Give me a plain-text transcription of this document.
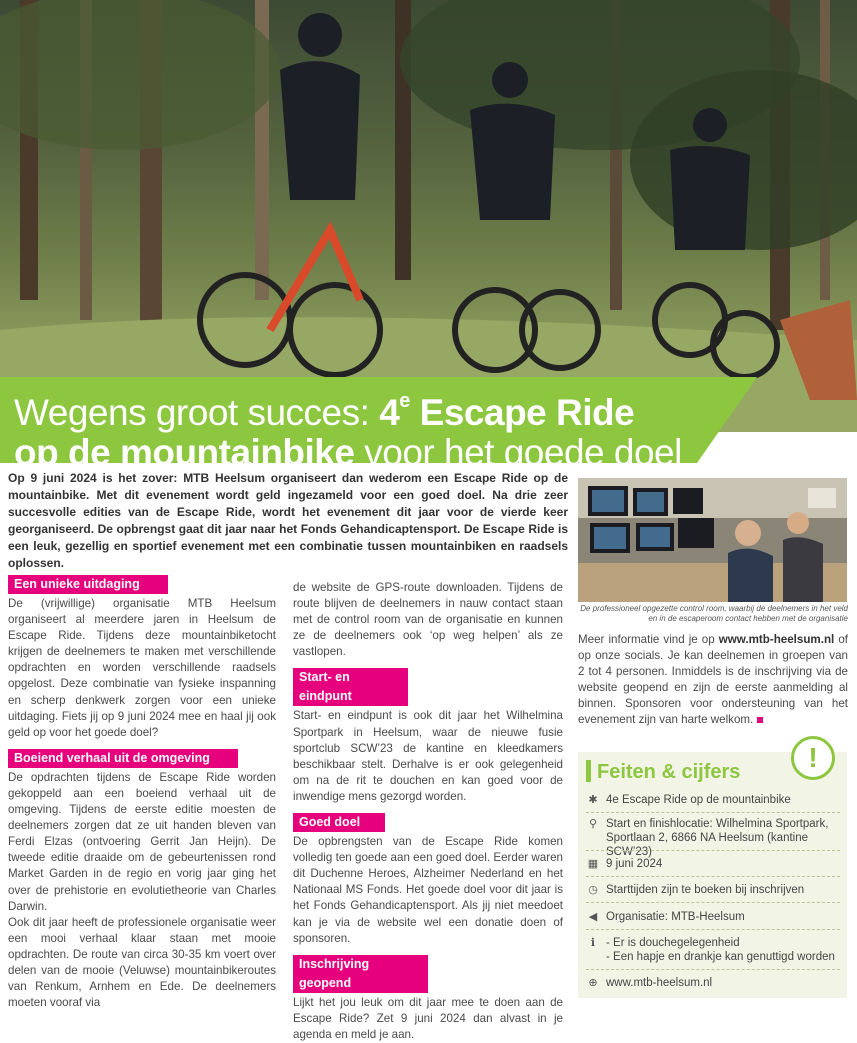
Wegens groot succes: 4e Escape Ride
op de mountainbike voor het goede doel
Op 9 juni 2024 is het zover: MTB Heelsum organiseert dan wederom een Escape Ride op de mountainbike. Met dit evenement wordt geld ingezameld voor een goed doel. Na drie zeer succesvolle edities van de Escape Ride, wordt het evenement dit jaar voor de vierde keer georganiseerd. De opbrengst gaat dit jaar naar het Fonds Gehandicaptensport. De Escape Ride is een leuk, gezellig en sportief evenement met een combinatie tussen mountainbiken en raadsels oplossen.
Een unieke uitdaging

De (vrijwillige) organisatie MTB Heelsum organiseert al meerdere jaren in Heelsum de Escape Ride. Tijdens deze mountainbiketocht krijgen de deelnemers te maken met verschillende opdrachten en worden verschillende raadsels opgelost. Deze combinatie van fysieke inspanning en scherp denkwerk zorgen voor een unieke uitdaging. Fiets jij op 9 juni 2024 mee en haal jij ook geld op voor het goede doel?

Boeiend verhaal uit de omgeving

De opdrachten tijdens de Escape Ride worden gekoppeld aan een boeiend verhaal uit de omgeving. Tijdens de eerste editie moesten de deelnemers zorgen dat ze uit handen bleven van Ferdi Elzas (ontvoering Gerrit Jan Heijn). De tweede editie draaide om de gebeurtenissen rond Market Garden in de regio en vorig jaar ging het over de prehistorie en evolutietheorie van Charles Darwin.

Ook dit jaar heeft de professionele organisatie weer een mooi verhaal klaar staan met mooie opdrachten. De route van circa 30-35 km voert over delen van de mooie (Veluwse) mountainbikeroutes van Renkum, Arnhem en Ede. De deelnemers moeten vooraf via

de website de GPS-route downloaden. Tijdens de route blijven de deelnemers in nauw contact staan met de control room van de organisatie en kunnen ze de deelnemers ook ‘op weg helpen’ als ze vastlopen.

Start- en eindpunt

Start- en eindpunt is ook dit jaar het Wilhelmina Sportpark in Heelsum, waar de nieuwe fusie sportclub SCW’23 de kantine en kleedkamers beschikbaar stelt. Derhalve is er ook gelegenheid om na de rit te douchen en kan goed voor de inwendige mens gezorgd worden.

Goed doel

De opbrengsten van de Escape Ride komen volledig ten goede aan een goed doel. Eerder waren dit Duchenne Heroes, Alzheimer Nederland en het Nationaal MS Fonds. Het goede doel voor dit jaar is het Fonds Gehandicaptensport. Als jij niet meedoet kan je via de website wel een donatie doen of sponsoren.

Inschrijving geopend

Lijkt het jou leuk om dit jaar mee te doen aan de Escape Ride? Zet 9 juni 2024 dan alvast in je agenda en meld je aan.

De professioneel opgezette control room, waarbij de deelnemers in het veld en in de escaperoom contact hebben met de organisatie

Meer informatie vind je op www.mtb-heelsum.nl of op onze socials. Je kan deelnemen in groepen van 2 tot 4 personen. Inmiddels is de inschrijving via de website geopend en zijn de eerste aanmelding al binnen. Sponsoren voor ondersteuning van het evenement zijn van harte welkom.

!
Feiten & cijfers
✱ 4e Escape Ride op de mountainbike
⚲ Start en finishlocatie: Wilhelmina Sportpark, Sportlaan 2, 6866 NA Heelsum (kantine SCW’23)
▦ 9 juni 2024
◷ Starttijden zijn te boeken bij inschrijven
◀ Organisatie: MTB-Heelsum
ℹ - Er is douchegelegenheid
- Een hapje en drankje kan genuttigd worden
⊕ www.mtb-heelsum.nl
